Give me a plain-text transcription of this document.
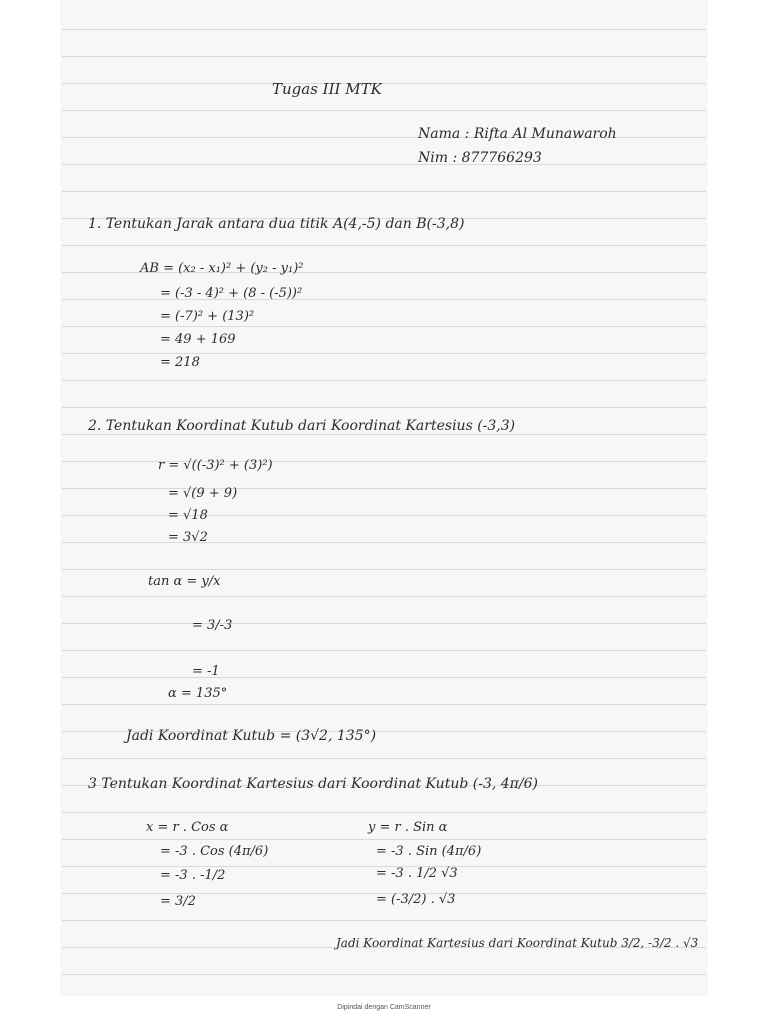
Tugas III MTK
Nama : Rifta Al Munawaroh
Nim : 877766293
1. Tentukan Jarak antara dua titik A(4,-5) dan B(-3,8)
AB = (x₂ - x₁)² + (y₂ - y₁)²
= (-3 - 4)² + (8 - (-5))²
= (-7)² + (13)²
= 49 + 169
= 218
2. Tentukan Koordinat Kutub dari Koordinat Kartesius (-3,3)
r = √((-3)² + (3)²)
= √(9 + 9)
= √18
= 3√2
tan α = y/x
= 3/-3
= -1
α = 135°
Jadi Koordinat Kutub = (3√2, 135°)
3 Tentukan Koordinat Kartesius dari Koordinat Kutub (-3, 4π/6)
x = r . Cos α
= -3 . Cos (4π/6)
= -3 . -1/2
= 3/2
y = r . Sin α
= -3 . Sin (4π/6)
= -3 . 1/2 √3
= (-3/2) . √3
Jadi Koordinat Kartesius dari Koordinat Kutub 3/2, -3/2 . √3
Dipindai dengan CamScanner
